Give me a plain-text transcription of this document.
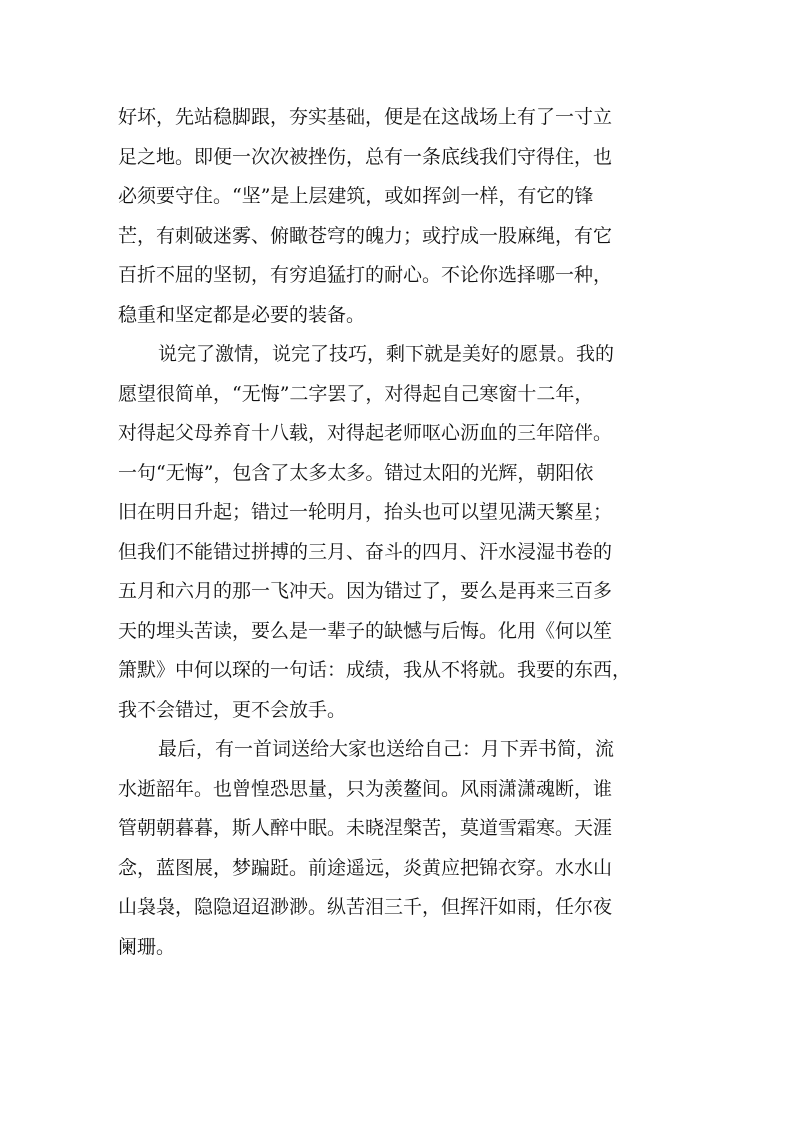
好坏，先站稳脚跟，夯实基础，便是在这战场上有了一寸立
足之地。即便一次次被挫伤，总有一条底线我们守得住，也
必须要守住。“坚”是上层建筑，或如挥剑一样，有它的锋
芒，有刺破迷雾、俯瞰苍穹的魄力；或拧成一股麻绳，有它
百折不屈的坚韧，有穷追猛打的耐心。不论你选择哪一种，
稳重和坚定都是必要的装备。
说完了激情，说完了技巧，剩下就是美好的愿景。我的
愿望很简单，“无悔”二字罢了，对得起自己寒窗十二年，
对得起父母养育十八载，对得起老师呕心沥血的三年陪伴。
一句“无悔”，包含了太多太多。错过太阳的光辉，朝阳依
旧在明日升起；错过一轮明月，抬头也可以望见满天繁星；
但我们不能错过拼搏的三月、奋斗的四月、汗水浸湿书卷的
五月和六月的那一飞冲天。因为错过了，要么是再来三百多
天的埋头苦读，要么是一辈子的缺憾与后悔。化用《何以笙
箫默》中何以琛的一句话：成绩，我从不将就。我要的东西，
我不会错过，更不会放手。
最后，有一首词送给大家也送给自己：月下弄书简，流
水逝韶年。也曾惶恐思量，只为羡鳌间。风雨潇潇魂断，谁
管朝朝暮暮，斯人醉中眠。未晓涅槃苦，莫道雪霜寒。天涯
念，蓝图展，梦蹁跹。前途遥远，炎黄应把锦衣穿。水水山
山袅袅，隐隐迢迢渺渺。纵苦泪三千，但挥汗如雨，任尔夜
阑珊。
